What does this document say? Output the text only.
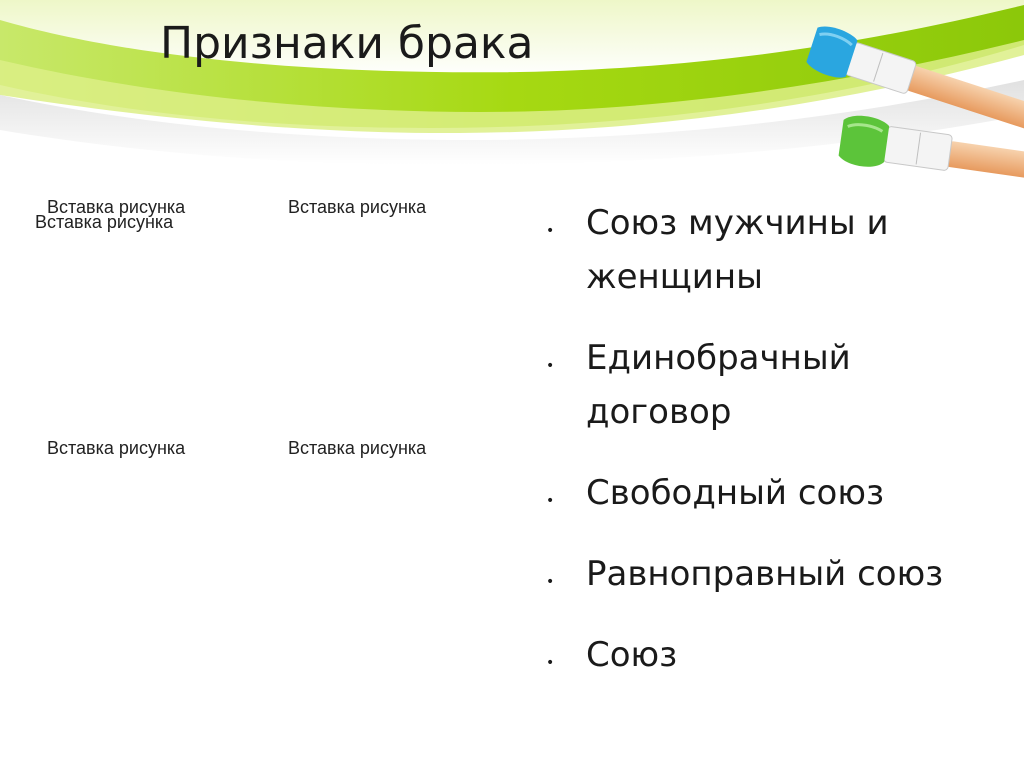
Признаки брака
Вставка рисунка
Вставка рисунка
Вставка рисунка
Вставка рисунка	Вставка рисунка
• Союз мужчины и женщины
• Единобрачный договор
• Свободный союз
• Равноправный союз
• Союз
